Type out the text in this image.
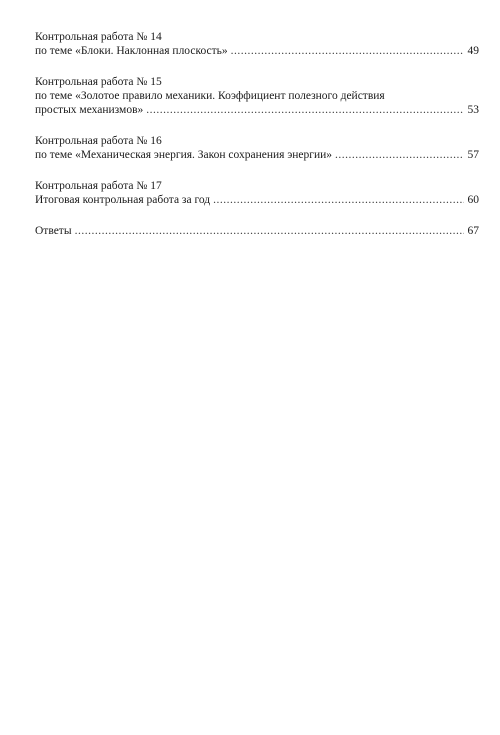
Контрольная работа № 14
по теме «Блоки. Наклонная плоскость» .....	49
Контрольная работа № 15
по теме «Золотое правило механики. Коэффициент полезного действия
простых механизмов» .....	53
Контрольная работа № 16
по теме «Механическая энергия. Закон сохранения энергии» .....	57
Контрольная работа № 17
Итоговая контрольная работа за год .....	60
Ответы .....	67
